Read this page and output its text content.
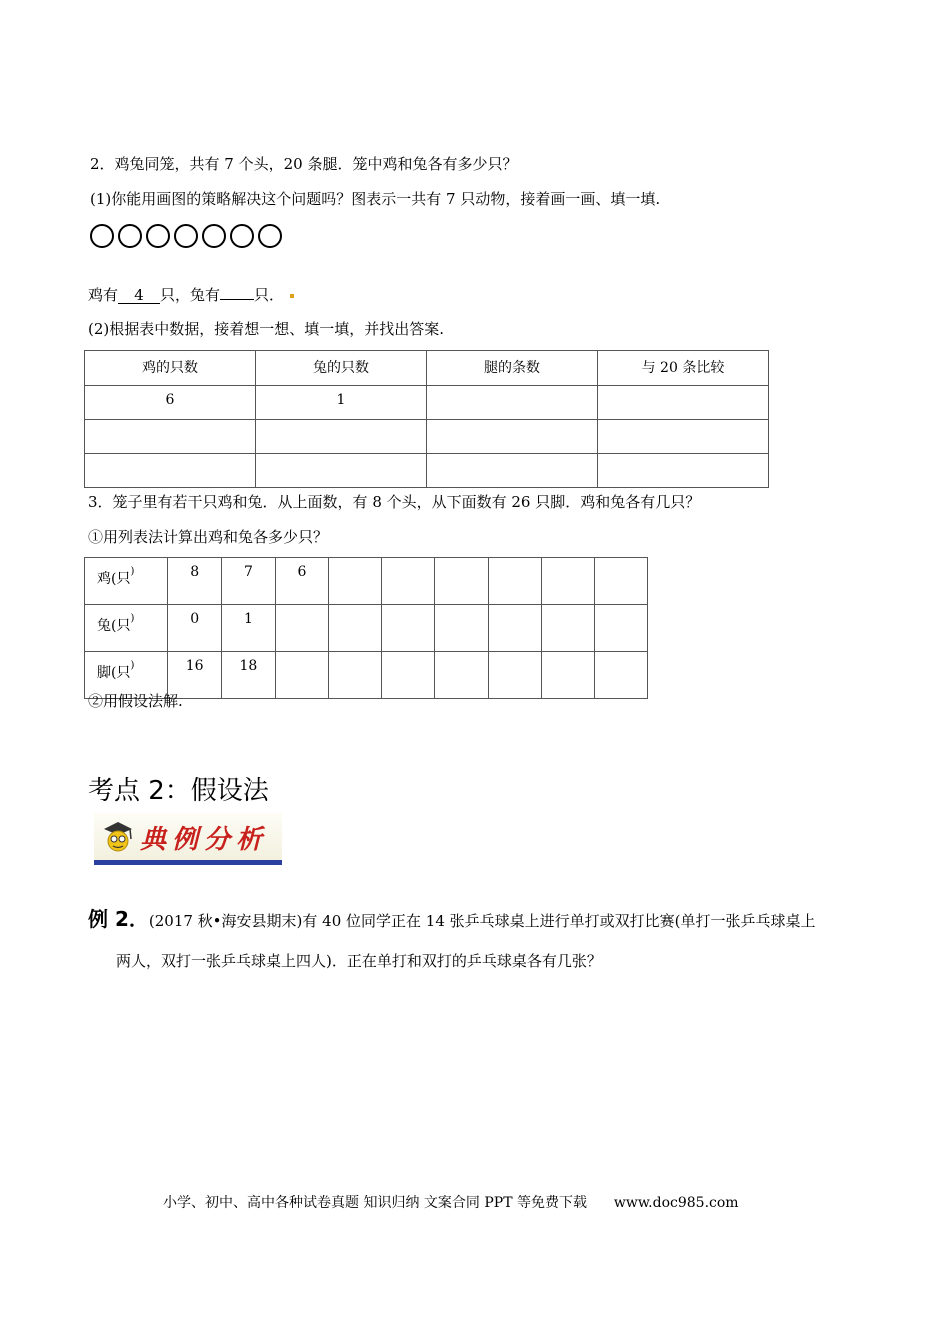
2．鸡兔同笼，共有 7 个头，20 条腿．笼中鸡和兔各有多少只？
(1)你能用画图的策略解决这个问题吗？图表示一共有 7 只动物，接着画一画、填一填.
鸡有 4 只，兔有 只．
(2)根据表中数据，接着想一想、填一填，并找出答案.
鸡的只数	兔的只数	腿的条数	与 20 条比较
6	1		

3．笼子里有若干只鸡和兔．从上面数，有 8 个头，从下面数有 26 只脚．鸡和兔各有几只？
①用列表法计算出鸡和兔各多少只？
鸡(只)	8	7	6						
兔(只)	0	1							
脚(只)	16	18							
②用假设法解.
考点 2：假设法
典例分析
例 2．(2017 秋•海安县期末)有 40 位同学正在 14 张乒乓球桌上进行单打或双打比赛(单打一张乒乓球桌上
两人，双打一张乒乓球桌上四人)．正在单打和双打的乒乓球桌各有几张？
小学、初中、高中各种试卷真题 知识归纳 文案合同 PPT 等免费下载 www.doc985.com
